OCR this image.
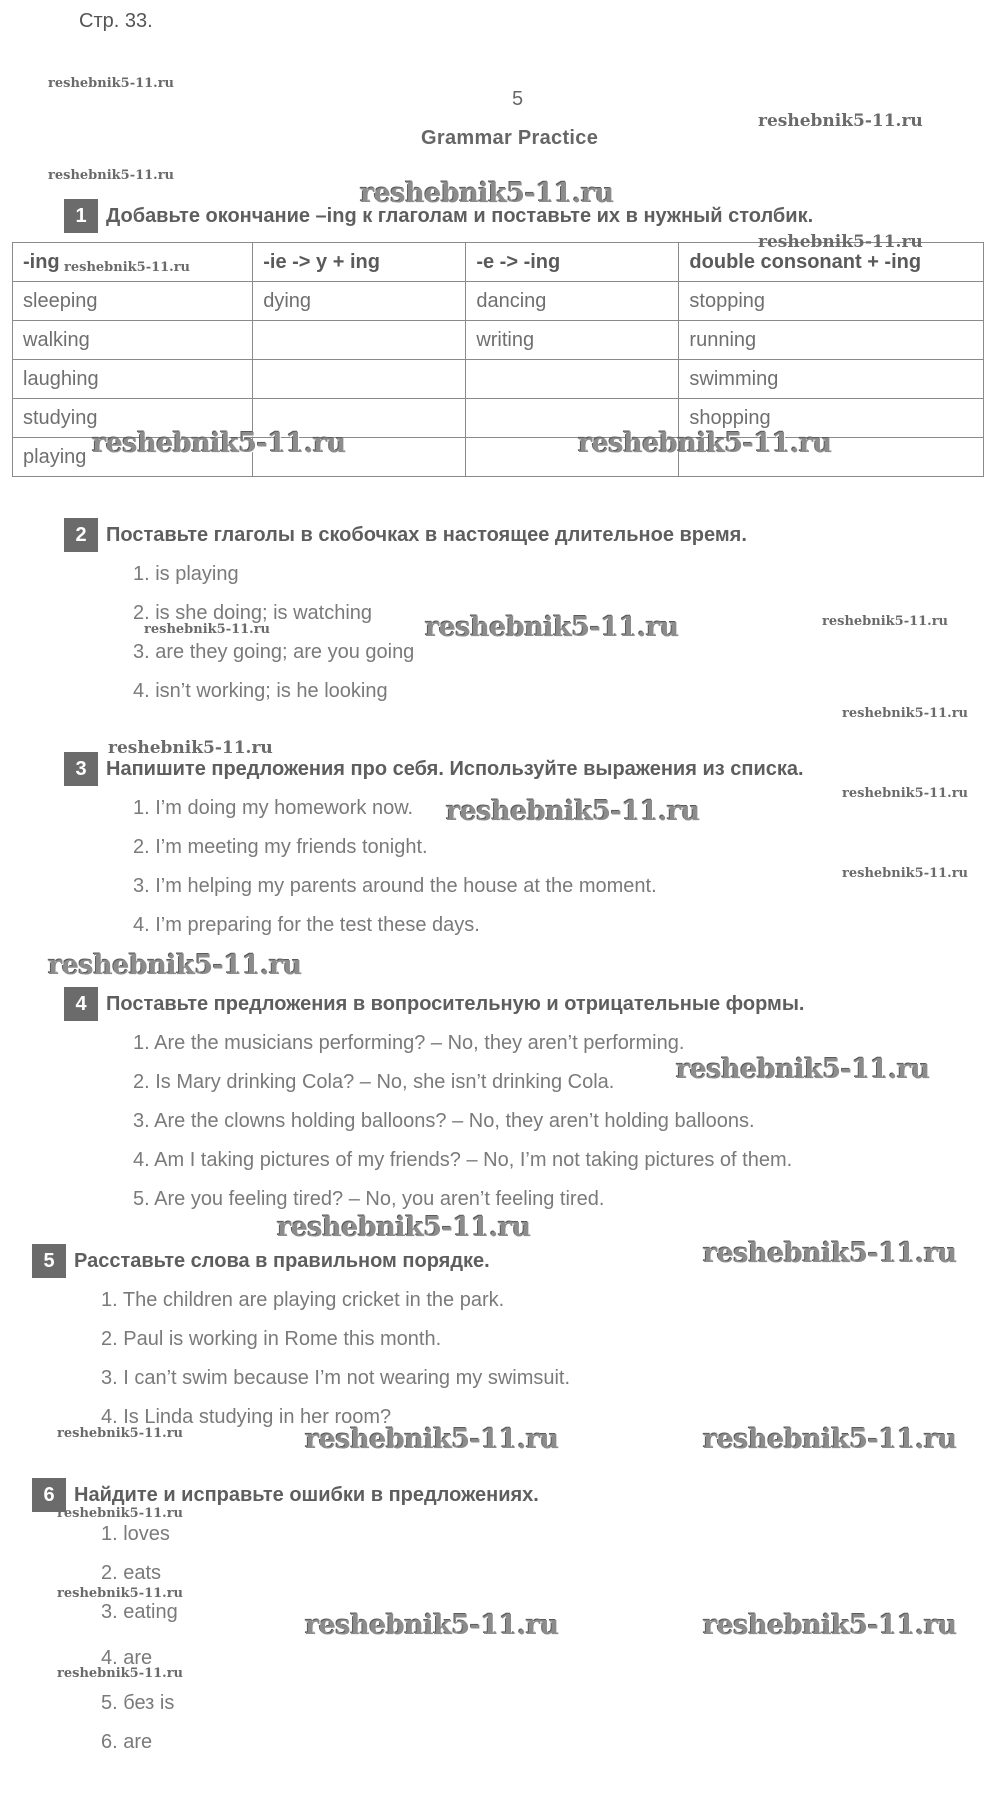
Стр. 33.
5
Grammar Practice
1 Добавьте окончание –ing к глаголам и поставьте их в нужный столбик.
-ing	-ie -> y + ing	-e -> -ing	double consonant + -ing
sleeping	dying	dancing	stopping
walking		writing	running
laughing			swimming
studying			shopping
playing			
2 Поставьте глаголы в скобочках в настоящее длительное время.
1. is playing
2. is she doing; is watching
3. are they going; are you going
4. isn’t working; is he looking
3 Напишите предложения про себя. Используйте выражения из списка.
1. I’m doing my homework now.
2. I’m meeting my friends tonight.
3. I’m helping my parents around the house at the moment.
4. I’m preparing for the test these days.
4 Поставьте предложения в вопросительную и отрицательные формы.
1. Are the musicians performing? – No, they aren’t performing.
2. Is Mary drinking Cola? – No, she isn’t drinking Cola.
3. Are the clowns holding balloons? – No, they aren’t holding balloons.
4. Am I taking pictures of my friends? – No, I’m not taking pictures of them.
5. Are you feeling tired? – No, you aren’t feeling tired.
5 Расставьте слова в правильном порядке.
1. The children are playing cricket in the park.
2. Paul is working in Rome this month.
3. I can’t swim because I’m not wearing my swimsuit.
4. Is Linda studying in her room?
6 Найдите и исправьте ошибки в предложениях.
1. loves
2. eats
3. eating
4. are
5. без is
6. are
reshebnik5-11.ru
reshebnik5-11.ru
reshebnik5-11.ru
reshebnik5-11.ru
reshebnik5-11.ru
reshebnik5-11.ru
reshebnik5-11.ru	reshebnik5-11.ru
reshebnik5-11.ru	reshebnik5-11.ru	reshebnik5-11.ru
reshebnik5-11.ru
reshebnik5-11.ru
reshebnik5-11.ru
reshebnik5-11.ru
reshebnik5-11.ru
reshebnik5-11.ru
reshebnik5-11.ru
reshebnik5-11.ru
reshebnik5-11.ru
reshebnik5-11.ru	reshebnik5-11.ru	reshebnik5-11.ru
reshebnik5-11.ru
reshebnik5-11.ru
reshebnik5-11.ru	reshebnik5-11.ru
reshebnik5-11.ru
